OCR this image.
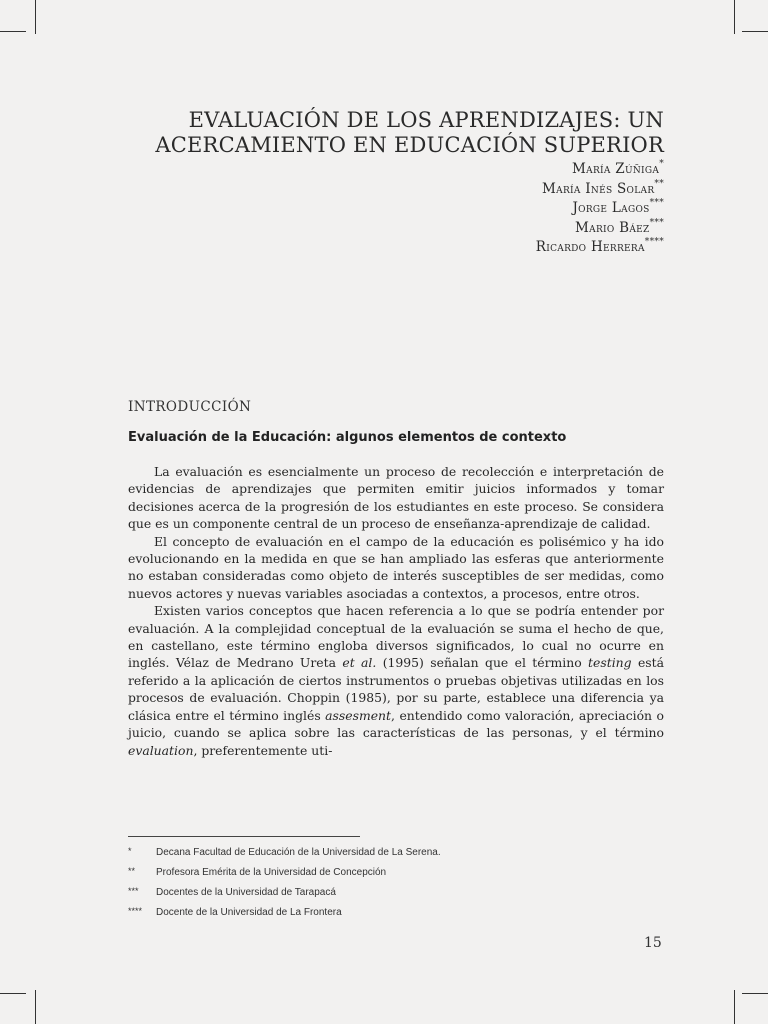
EVALUACIÓN DE LOS APRENDIZAJES: UN
ACERCAMIENTO EN EDUCACIÓN SUPERIOR
María Zúñiga*
María Inés Solar**
Jorge Lagos***
Mario Báez***
Ricardo Herrera****
INTRODUCCIÓN
Evaluación de la Educación: algunos elementos de contexto

La evaluación es esencialmente un proceso de recolección e interpretación de evidencias de aprendizajes que permiten emitir juicios informados y tomar decisiones acerca de la progresión de los estudiantes en este proceso. Se considera que es un componente central de un proceso de enseñanza-aprendizaje de calidad.

El concepto de evaluación en el campo de la educación es polisémico y ha ido evolucionando en la medida en que se han ampliado las esferas que anteriormente no estaban consideradas como objeto de interés susceptibles de ser medidas, como nuevos actores y nuevas variables asociadas a contextos, a procesos, entre otros.

Existen varios conceptos que hacen referencia a lo que se podría entender por evaluación. A la complejidad conceptual de la evaluación se suma el hecho de que, en castellano, este término engloba diversos significados, lo cual no ocurre en inglés. Vélaz de Medrano Ureta et al. (1995) señalan que el término testing está referido a la aplicación de ciertos instrumentos o pruebas objetivas utilizadas en los procesos de evaluación. Choppin (1985), por su parte, establece una diferencia ya clásica entre el término inglés assesment, entendido como valoración, apreciación o juicio, cuando se aplica sobre las características de las personas, y el término evaluation, preferentemente uti-

*	Decana Facultad de Educación de la Universidad de La Serena.
**	Profesora Emérita de la Universidad de Concepción
***	Docentes de la Universidad de Tarapacá
****	Docente de la Universidad de La Frontera
15
